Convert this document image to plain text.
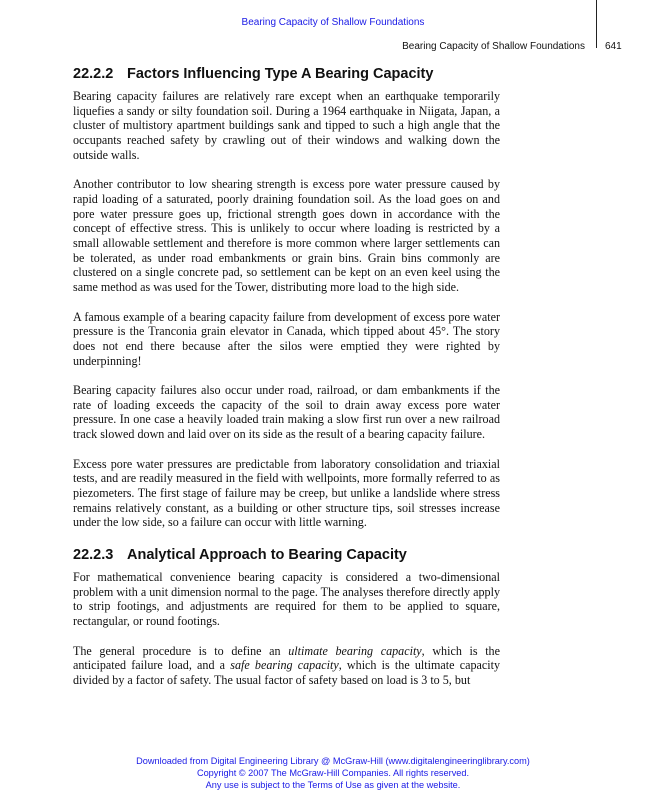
Bearing Capacity of Shallow Foundations
Bearing Capacity of Shallow Foundations 641
22.2.2 Factors Influencing Type A Bearing Capacity

Bearing capacity failures are relatively rare except when an earthquake temporarily liquefies a sandy or silty foundation soil. During a 1964 earthquake in Niigata, Japan, a cluster of multistory apartment buildings sank and tipped to such a high angle that the occupants reached safety by crawling out of their windows and walking down the outside walls.

Another contributor to low shearing strength is excess pore water pressure caused by rapid loading of a saturated, poorly draining foundation soil. As the load goes on and pore water pressure goes up, frictional strength goes down in accordance with the concept of effective stress. This is unlikely to occur where loading is restricted by a small allowable settlement and therefore is more common where larger settlements can be tolerated, as under road embankments or grain bins. Grain bins commonly are clustered on a single concrete pad, so settlement can be kept on an even keel using the same method as was used for the Tower, distributing more load to the high side.

A famous example of a bearing capacity failure from development of excess pore water pressure is the Tranconia grain elevator in Canada, which tipped about 45°. The story does not end there because after the silos were emptied they were righted by underpinning!

Bearing capacity failures also occur under road, railroad, or dam embankments if the rate of loading exceeds the capacity of the soil to drain away excess pore water pressure. In one case a heavily loaded train making a slow first run over a new railroad track slowed down and laid over on its side as the result of a bearing capacity failure.

Excess pore water pressures are predictable from laboratory consolidation and triaxial tests, and are readily measured in the field with wellpoints, more formally referred to as piezometers. The first stage of failure may be creep, but unlike a landslide where stress remains relatively constant, as a building or other structure tips, soil stresses increase under the low side, so a failure can occur with little warning.

22.2.3 Analytical Approach to Bearing Capacity

For mathematical convenience bearing capacity is considered a two-dimensional problem with a unit dimension normal to the page. The analyses therefore directly apply to strip footings, and adjustments are required for them to be applied to square, rectangular, or round footings.

The general procedure is to define an ultimate bearing capacity, which is the anticipated failure load, and a safe bearing capacity, which is the ultimate capacity divided by a factor of safety. The usual factor of safety based on load is 3 to 5, but

Downloaded from Digital Engineering Library @ McGraw-Hill (www.digitalengineeringlibrary.com)
Copyright © 2007 The McGraw-Hill Companies. All rights reserved.
Any use is subject to the Terms of Use as given at the website.
